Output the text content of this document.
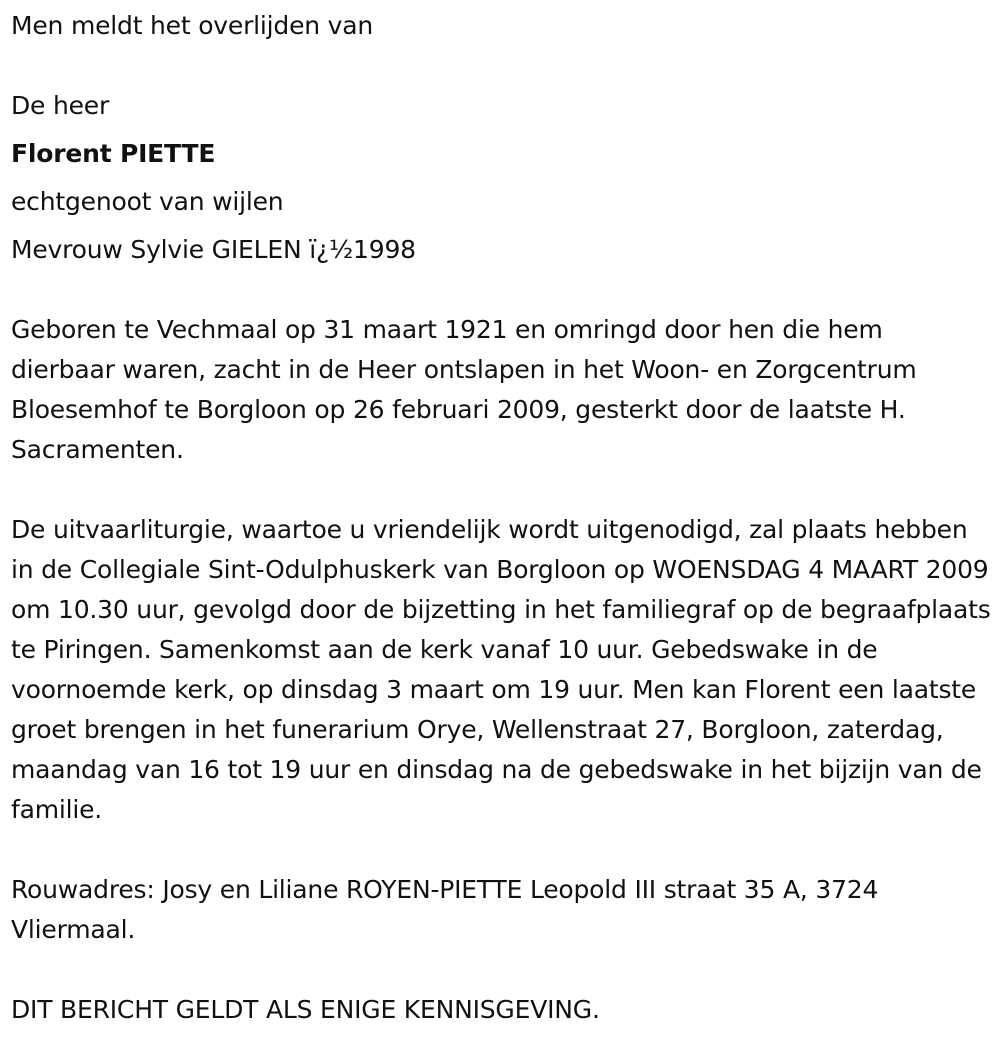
Men meldt het overlijden van

De heer

Florent PIETTE

echtgenoot van wijlen

Mevrouw Sylvie GIELEN ï¿½1998

Geboren te Vechmaal op 31 maart 1921 en omringd door hen die hem dierbaar waren, zacht in de Heer ontslapen in het Woon- en Zorgcentrum Bloesemhof te Borgloon op 26 februari 2009, gesterkt door de laatste H. Sacramenten.

De uitvaarliturgie, waartoe u vriendelijk wordt uitgenodigd, zal plaats hebben in de Collegiale Sint-Odulphuskerk van Borgloon op WOENSDAG 4 MAART 2009 om 10.30 uur, gevolgd door de bijzetting in het familiegraf op de begraafplaats te Piringen. Samenkomst aan de kerk vanaf 10 uur. Gebedswake in de voornoemde kerk, op dinsdag 3 maart om 19 uur. Men kan Florent een laatste groet brengen in het funerarium Orye, Wellenstraat 27, Borgloon, zaterdag, maandag van 16 tot 19 uur en dinsdag na de gebedswake in het bijzijn van de familie.

Rouwadres: Josy en Liliane ROYEN-PIETTE Leopold III straat 35 A, 3724 Vliermaal.

DIT BERICHT GELDT ALS ENIGE KENNISGEVING.
